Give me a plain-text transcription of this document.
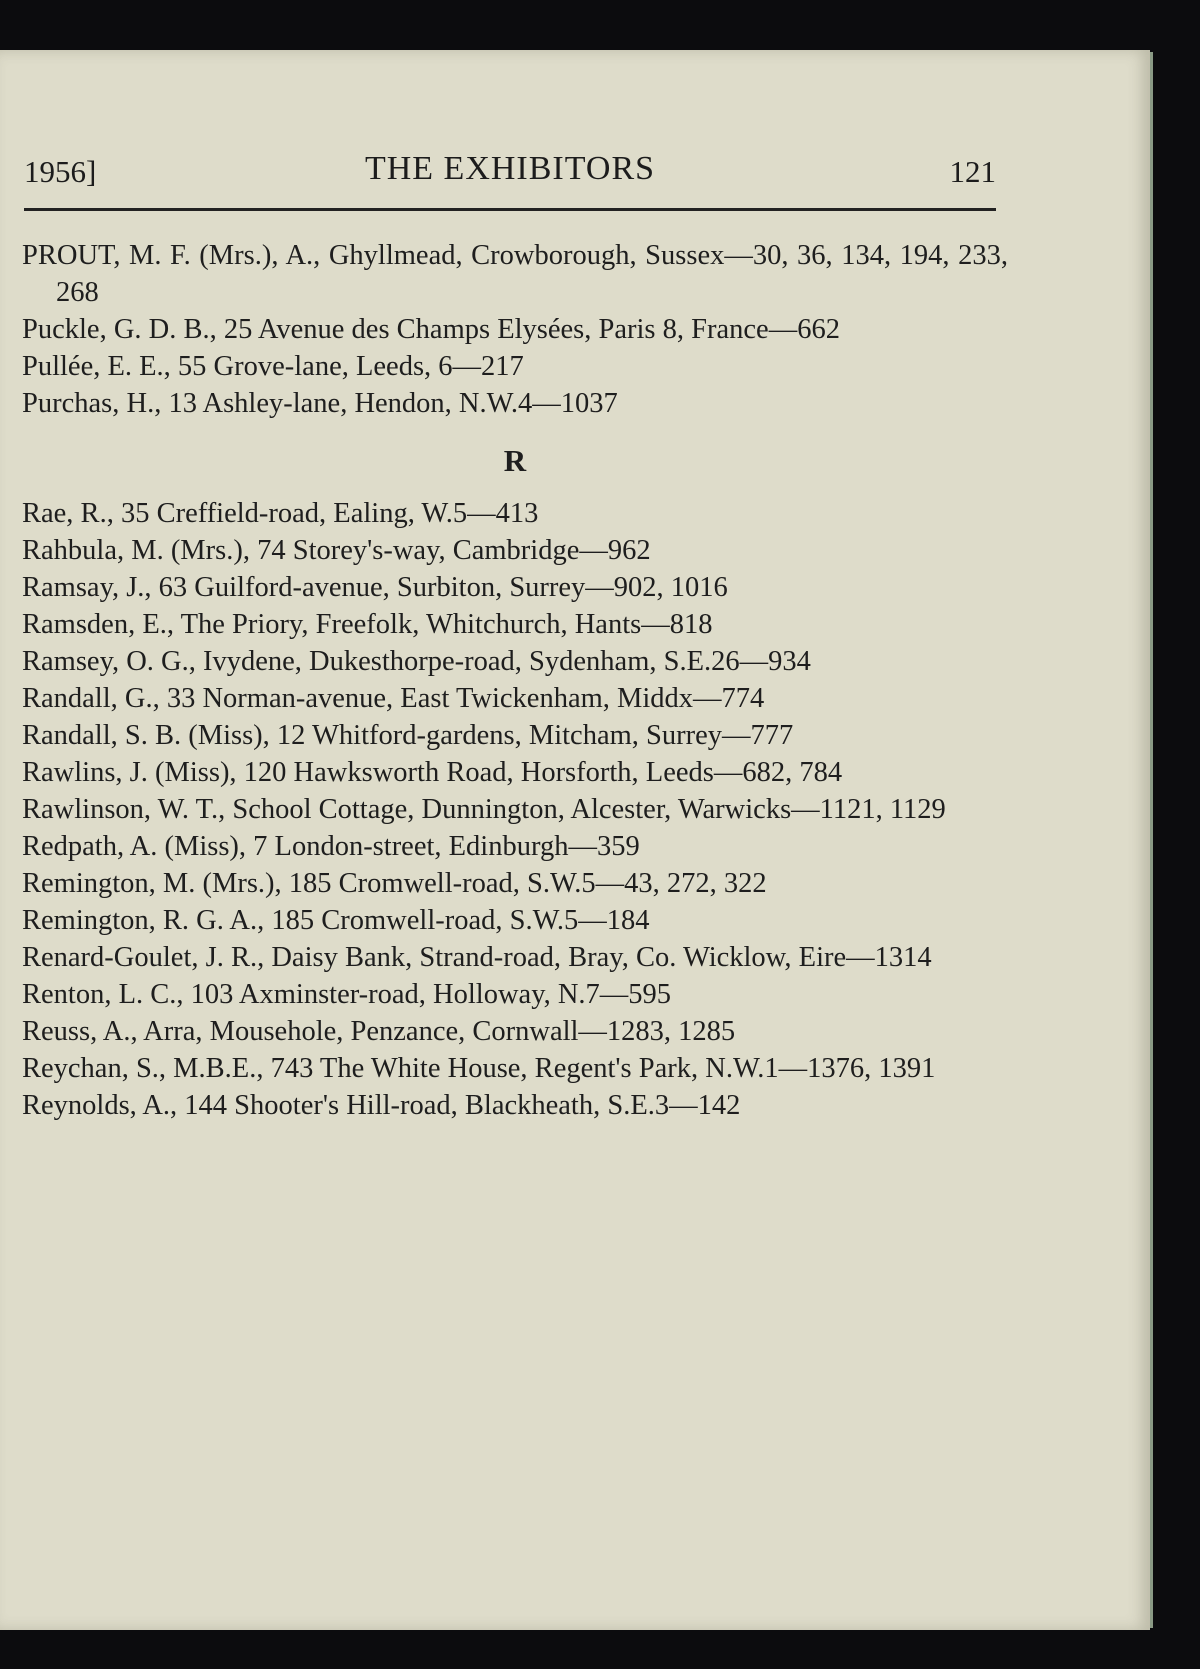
1956]	THE EXHIBITORS	121
PROUT, M. F. (Mrs.), A., Ghyllmead, Crowborough, Sussex—30, 36, 134, 194, 233, 268
Puckle, G. D. B., 25 Avenue des Champs Elysées, Paris 8, France—662
Pullée, E. E., 55 Grove-lane, Leeds, 6—217
Purchas, H., 13 Ashley-lane, Hendon, N.W.4—1037
R
Rae, R., 35 Creffield-road, Ealing, W.5—413
Rahbula, M. (Mrs.), 74 Storey's-way, Cambridge—962
Ramsay, J., 63 Guilford-avenue, Surbiton, Surrey—902, 1016
Ramsden, E., The Priory, Freefolk, Whitchurch, Hants—818
Ramsey, O. G., Ivydene, Dukesthorpe-road, Sydenham, S.E.26—934
Randall, G., 33 Norman-avenue, East Twickenham, Middx—774
Randall, S. B. (Miss), 12 Whitford-gardens, Mitcham, Surrey—777
Rawlins, J. (Miss), 120 Hawksworth Road, Horsforth, Leeds—682, 784
Rawlinson, W. T., School Cottage, Dunnington, Alcester, Warwicks—1121, 1129
Redpath, A. (Miss), 7 London-street, Edinburgh—359
Remington, M. (Mrs.), 185 Cromwell-road, S.W.5—43, 272, 322
Remington, R. G. A., 185 Cromwell-road, S.W.5—184
Renard-Goulet, J. R., Daisy Bank, Strand-road, Bray, Co. Wicklow, Eire—1314
Renton, L. C., 103 Axminster-road, Holloway, N.7—595
Reuss, A., Arra, Mousehole, Penzance, Cornwall—1283, 1285
Reychan, S., M.B.E., 743 The White House, Regent's Park, N.W.1—1376, 1391
Reynolds, A., 144 Shooter's Hill-road, Blackheath, S.E.3—142
